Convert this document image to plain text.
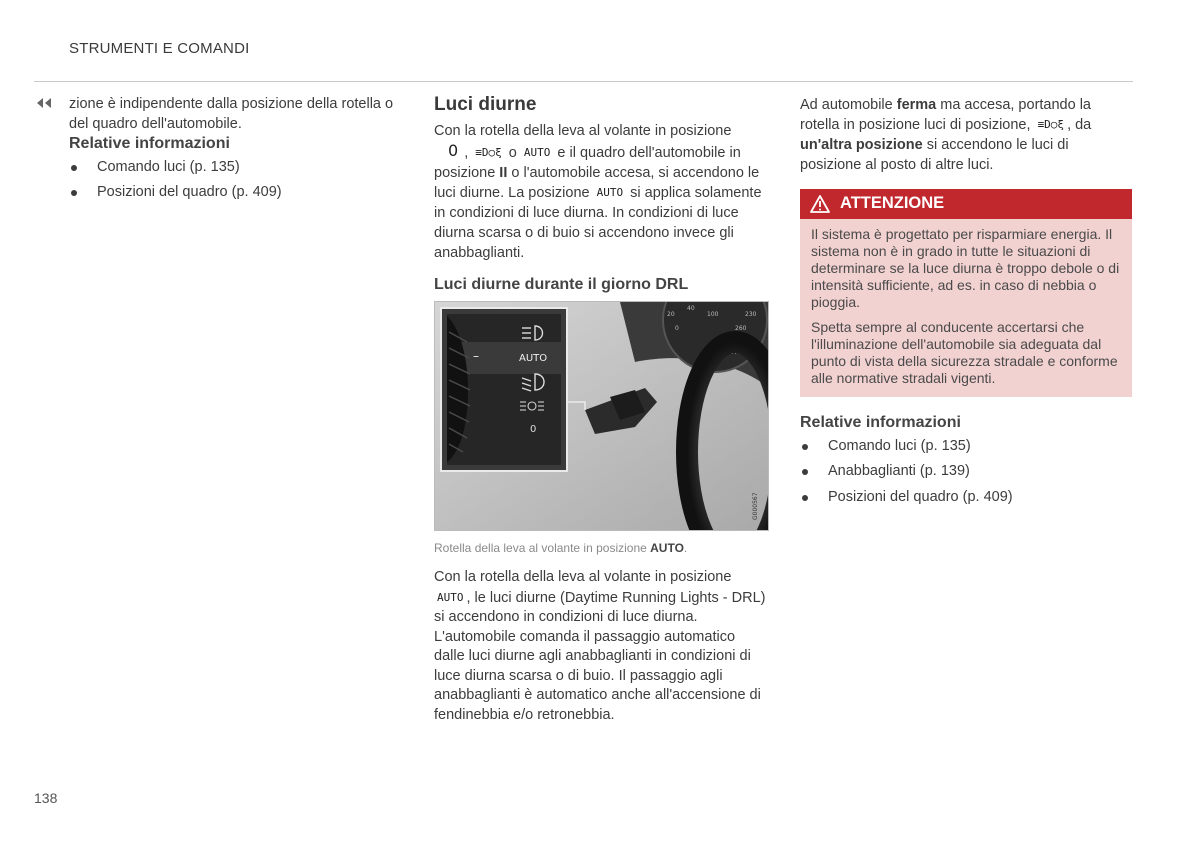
STRUMENTI E COMANDI

zione è indipendente dalla posizione della rotella o del quadro dell'automobile.

Relative informazioni
Comando luci (p. 135)
Posizioni del quadro (p. 409)
Luci diurne

Con la rotella della leva al volante in posizione
0 , ≡D○ξ o AUTO e il quadro dell'automobile in posizione II o l'automobile accesa, si accendono le luci diurne. La posizione AUTO si applica solamente in condizioni di luce diurna. In condizioni di luce diurna scarsa o di buio si accendono invece gli anabbaglianti.

Luci diurne durante il giorno DRL
20
40
100	230
0	260
2 806
Trip 1 022.4 km
–	AUTO
0
G000567
Rotella della leva al volante in posizione AUTO.

Con la rotella della leva al volante in posizione
AUTO , le luci diurne (Daytime Running Lights - DRL) si accendono in condizioni di luce diurna. L'automobile comanda il passaggio automatico dalle luci diurne agli anabbaglianti in condizioni di luce diurna scarsa o di buio. Il passaggio agli anabbaglianti è automatico anche all'accensione di fendinebbia e/o retronebbia.

Ad automobile ferma ma accesa, portando la rotella in posizione luci di posizione, ≡D○ξ , da un'altra posizione si accendono le luci di posizione al posto di altre luci.

ATTENZIONE

Il sistema è progettato per risparmiare energia. Il sistema non è in grado in tutte le situazioni di determinare se la luce diurna è troppo debole o di intensità sufficiente, ad es. in caso di nebbia o pioggia.

Spetta sempre al conducente accertarsi che l'illuminazione dell'automobile sia adeguata dal punto di vista della sicurezza stradale e conforme alle normative stradali vigenti.

Relative informazioni
Comando luci (p. 135)
Anabbaglianti (p. 139)
Posizioni del quadro (p. 409)
138
